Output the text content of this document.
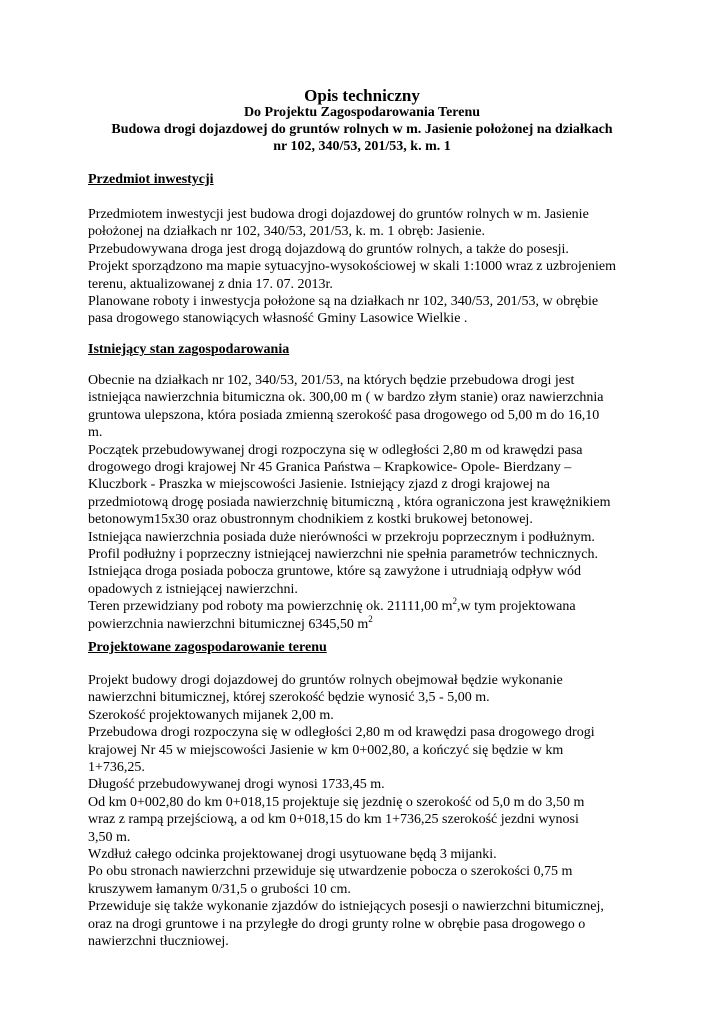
Opis techniczny
Do Projektu Zagospodarowania Terenu
Budowa drogi dojazdowej do gruntów rolnych w m. Jasienie położonej na działkach
nr 102, 340/53, 201/53, k. m. 1
Przedmiot inwestycji
Przedmiotem inwestycji jest budowa drogi dojazdowej do gruntów rolnych w m. Jasienie
położonej na działkach nr 102, 340/53, 201/53, k. m. 1 obręb: Jasienie.
Przebudowywana droga jest drogą dojazdową do gruntów rolnych, a także do posesji.
Projekt sporządzono ma mapie sytuacyjno-wysokościowej w skali 1:1000 wraz z uzbrojeniem
terenu, aktualizowanej z dnia 17. 07. 2013r.
Planowane roboty i inwestycja położone są na działkach nr 102, 340/53, 201/53, w obrębie
pasa drogowego stanowiących własność Gminy Lasowice Wielkie .
Istniejący stan zagospodarowania
Obecnie na działkach nr 102, 340/53, 201/53, na których będzie przebudowa drogi jest
istniejąca nawierzchnia bitumiczna ok. 300,00 m ( w bardzo złym stanie) oraz nawierzchnia
gruntowa ulepszona, która posiada zmienną szerokość pasa drogowego od 5,00 m do 16,10
m.
Początek przebudowywanej drogi rozpoczyna się w odległości 2,80 m od krawędzi pasa
drogowego drogi krajowej Nr 45 Granica Państwa – Krapkowice- Opole- Bierdzany –
Kluczbork - Praszka w miejscowości Jasienie. Istniejący zjazd z drogi krajowej na
przedmiotową drogę posiada nawierzchnię bitumiczną , która ograniczona jest krawężnikiem
betonowym15x30 oraz obustronnym chodnikiem z kostki brukowej betonowej.
Istniejąca nawierzchnia posiada duże nierówności w przekroju poprzecznym i podłużnym.
Profil podłużny i poprzeczny istniejącej nawierzchni nie spełnia parametrów technicznych.
Istniejąca droga posiada pobocza gruntowe, które są zawyżone i utrudniają odpływ wód
opadowych z istniejącej nawierzchni.
Teren przewidziany pod roboty ma powierzchnię ok. 21111,00 $m^2,w$ tym projektowana
powierzchnia nawierzchni bitumicznej 6345,50 $m^2$
Projektowane zagospodarowanie terenu
Projekt budowy drogi dojazdowej do gruntów rolnych obejmował będzie wykonanie
nawierzchni bitumicznej, której szerokość będzie wynosić 3,5 - 5,00 m.
Szerokość projektowanych mijanek 2,00 m.
Przebudowa drogi rozpoczyna się w odległości 2,80 m od krawędzi pasa drogowego drogi
krajowej Nr 45 w miejscowości Jasienie w km 0+002,80, a kończyć się będzie w km
1+736,25.
Długość przebudowywanej drogi wynosi 1733,45 m.
Od km 0+002,80 do km 0+018,15 projektuje się jezdnię o szerokość od 5,0 m do 3,50 m
wraz z rampą przejściową, a od km 0+018,15 do km 1+736,25 szerokość jezdni wynosi
3,50 m.
Wzdłuż całego odcinka projektowanej drogi usytuowane będą 3 mijanki.
Po obu stronach nawierzchni przewiduje się utwardzenie pobocza o szerokości 0,75 m
kruszywem łamanym 0/31,5 o grubości 10 cm.
Przewiduje się także wykonanie zjazdów do istniejących posesji o nawierzchni bitumicznej,
oraz na drogi gruntowe i na przyległe do drogi grunty rolne w obrębie pasa drogowego o
nawierzchni tłuczniowej.
